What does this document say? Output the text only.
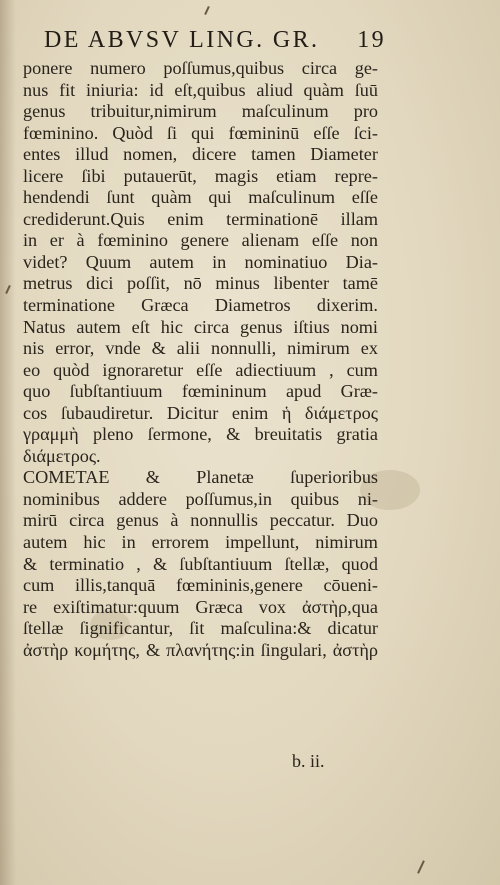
DE ABVSV LING. GR. 19
ponere numero poſſumus,quibus circa ge-
nus fit iniuria: id eſt,quibus aliud quàm ſuū
genus tribuitur,nimirum maſculinum pro
fœminino. Quòd ſi qui fœmininū eſſe ſci-
entes illud nomen, dicere tamen Diameter
licere ſibi putauerūt, magis etiam repre-
hendendi ſunt quàm qui maſculinum eſſe
crediderunt.Quis enim terminationē illam
in er à fœminino genere alienam eſſe non
videt? Quum autem in nominatiuo Dia-
metrus dici poſſit, nō minus libenter tamē
terminatione Græca Diametros dixerim.
Natus autem eſt hic circa genus iſtius nomi
nis error, vnde & alii nonnulli, nimirum ex
eo quòd ignoraretur eſſe adiectiuum , cum
quo ſubſtantiuum fœmininum apud Græ-
cos ſubaudiretur. Dicitur enim ἡ διάμετρος
γραμμὴ pleno ſermone, & breuitatis gratia
διάμετρος.
COMETAE & Planetæ ſuperioribus
nominibus addere poſſumus,in quibus ni-
mirū circa genus à nonnullis peccatur. Duo
autem hic in errorem impellunt, nimirum
& terminatio , & ſubſtantiuum ſtellæ, quod
cum illis,tanquā fœmininis,genere cōueni-
re exiſtimatur:quum Græca vox ἀστὴρ,qua
ſtellæ ſignificantur, ſit maſculina:& dicatur
ἀστὴρ κομήτης, & πλανήτης:in ſingulari, ἀστὴρ
b. ii.
